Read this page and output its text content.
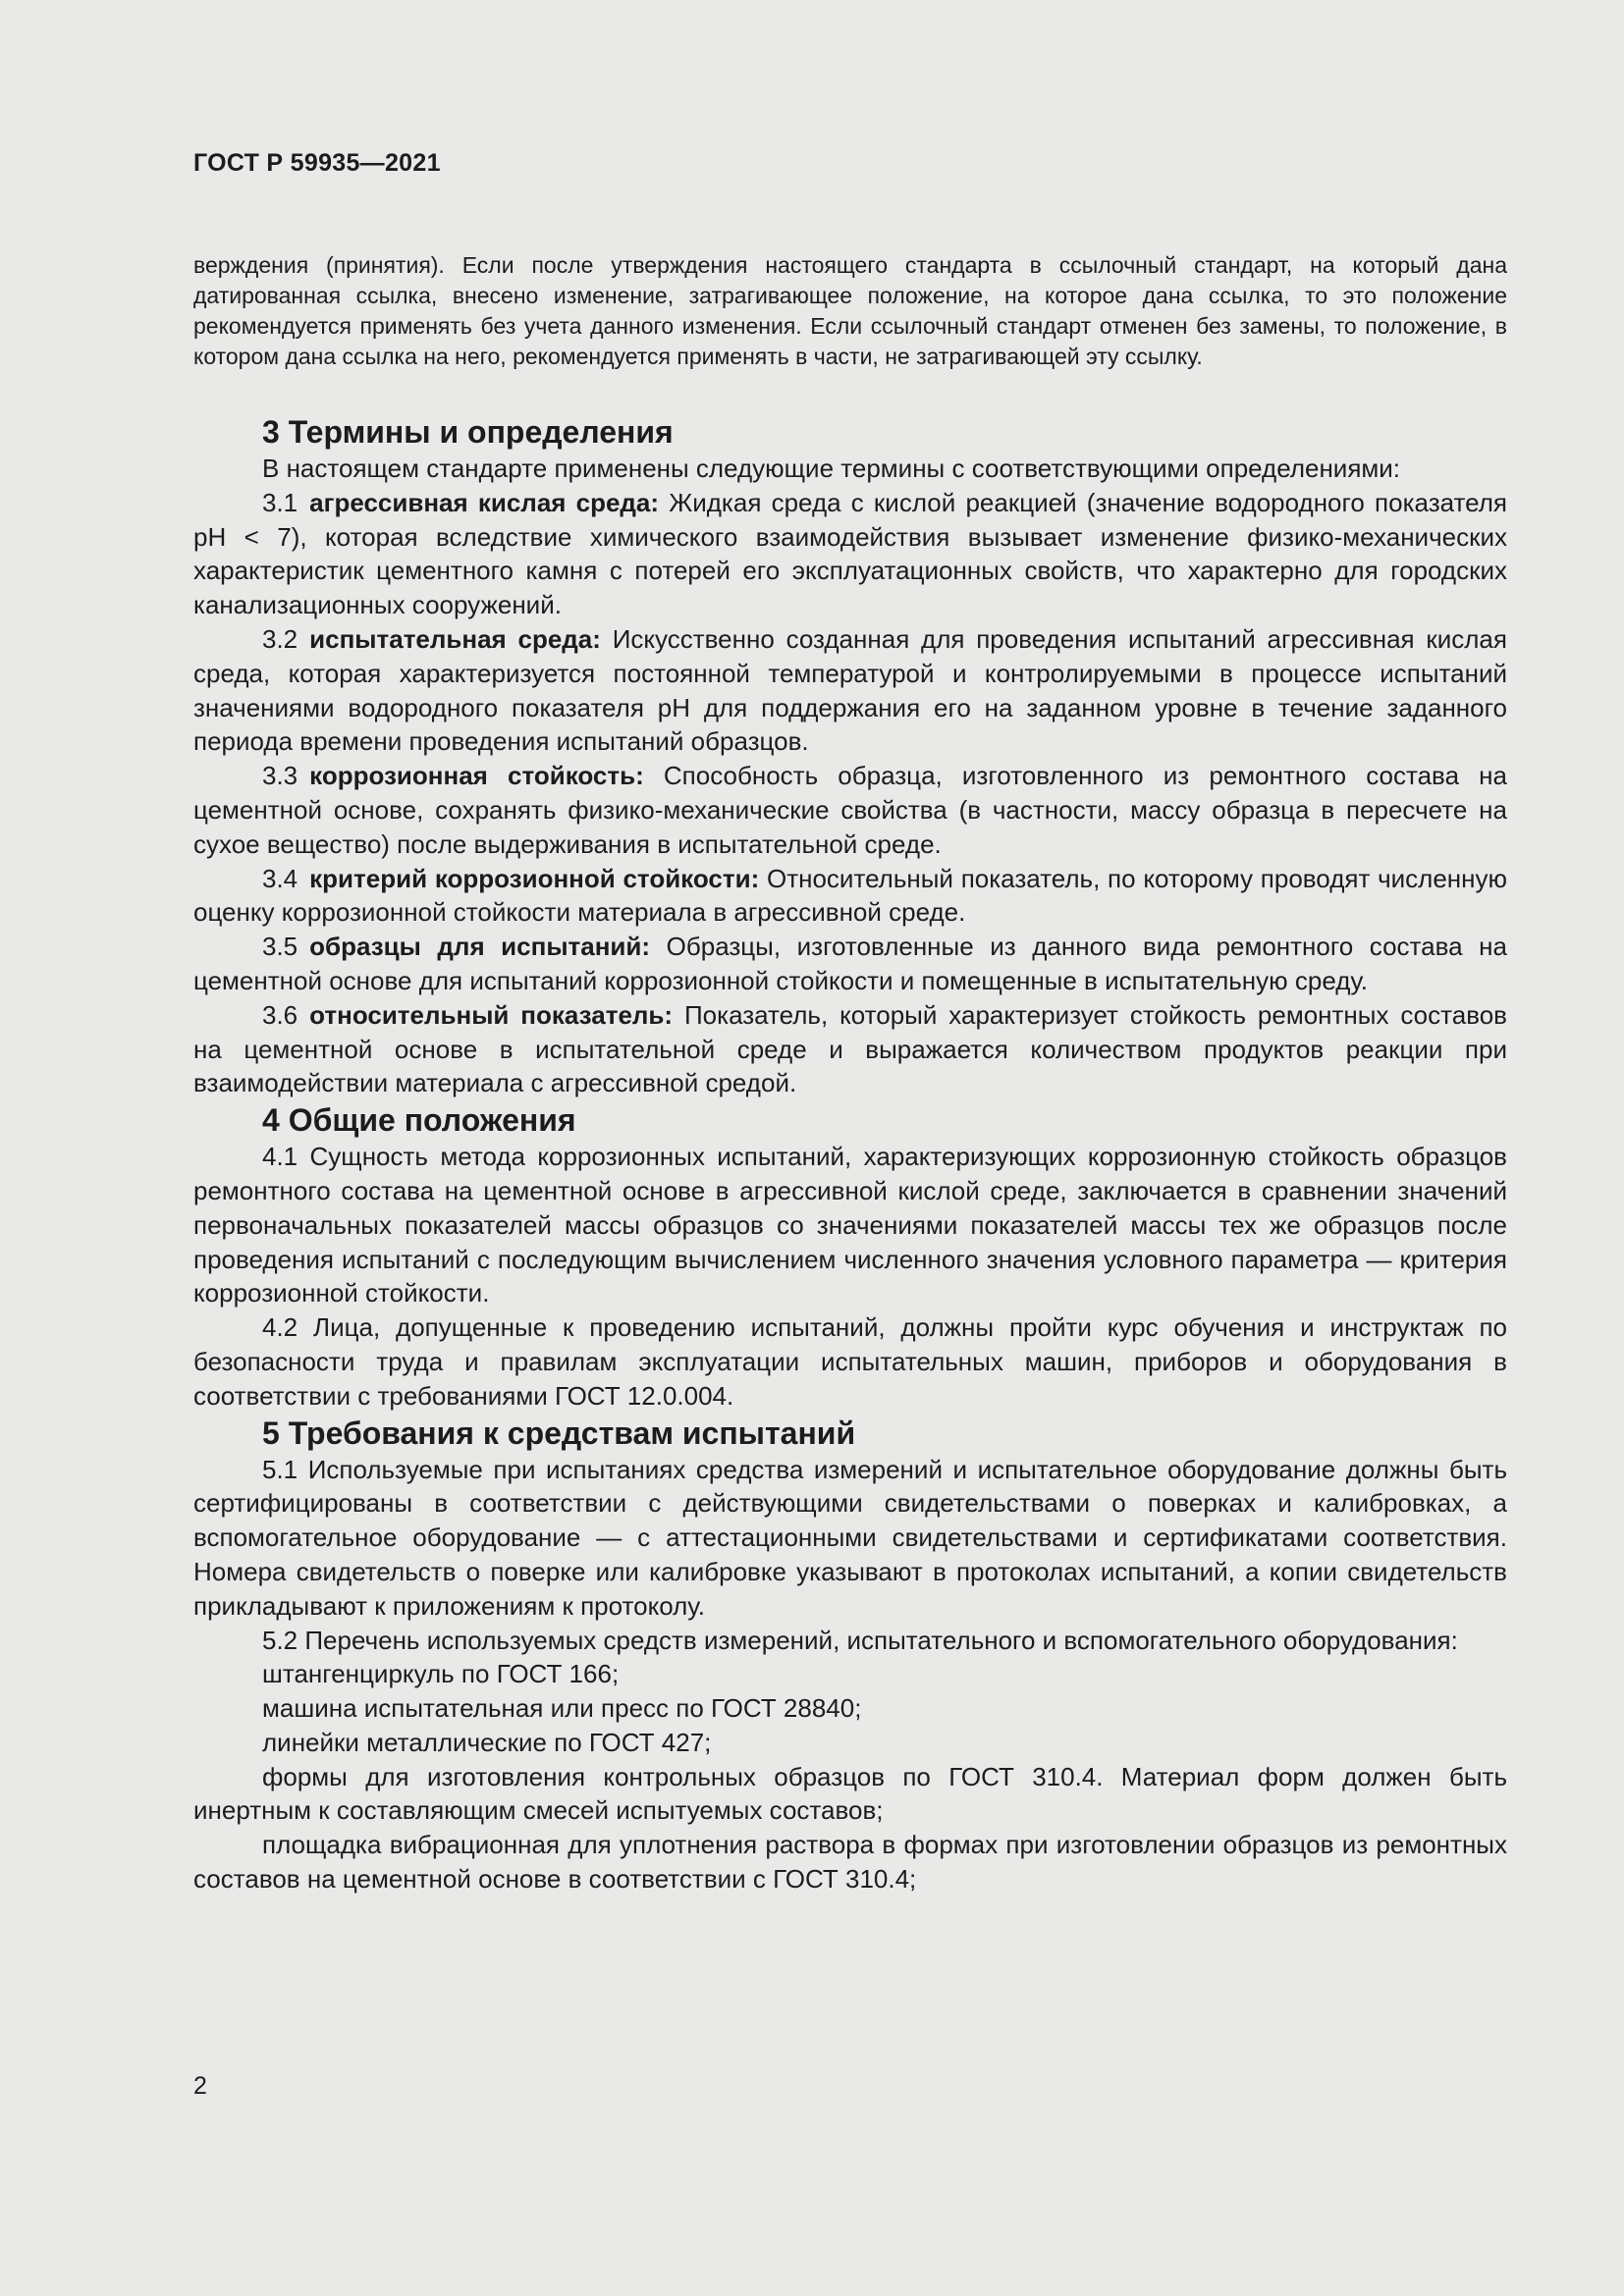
ГОСТ Р 59935—2021

верждения (принятия). Если после утверждения настоящего стандарта в ссылочный стандарт, на который дана датированная ссылка, внесено изменение, затрагивающее положение, на которое дана ссылка, то это положение рекомендуется применять без учета данного изменения. Если ссылочный стандарт отменен без замены, то положение, в котором дана ссылка на него, рекомендуется применять в части, не затрагивающей эту ссылку.

3 Термины и определения

В настоящем стандарте применены следующие термины с соответствующими определениями:

3.1 агрессивная кислая среда: Жидкая среда с кислой реакцией (значение водородного показателя pH < 7), которая вследствие химического взаимодействия вызывает изменение физико-механических характеристик цементного камня с потерей его эксплуатационных свойств, что характерно для городских канализационных сооружений.

3.2 испытательная среда: Искусственно созданная для проведения испытаний агрессивная кислая среда, которая характеризуется постоянной температурой и контролируемыми в процессе испытаний значениями водородного показателя pH для поддержания его на заданном уровне в течение заданного периода времени проведения испытаний образцов.

3.3 коррозионная стойкость: Способность образца, изготовленного из ремонтного состава на цементной основе, сохранять физико-механические свойства (в частности, массу образца в пересчете на сухое вещество) после выдерживания в испытательной среде.

3.4 критерий коррозионной стойкости: Относительный показатель, по которому проводят численную оценку коррозионной стойкости материала в агрессивной среде.

3.5 образцы для испытаний: Образцы, изготовленные из данного вида ремонтного состава на цементной основе для испытаний коррозионной стойкости и помещенные в испытательную среду.

3.6 относительный показатель: Показатель, который характеризует стойкость ремонтных составов на цементной основе в испытательной среде и выражается количеством продуктов реакции при взаимодействии материала с агрессивной средой.

4 Общие положения

4.1 Сущность метода коррозионных испытаний, характеризующих коррозионную стойкость образцов ремонтного состава на цементной основе в агрессивной кислой среде, заключается в сравнении значений первоначальных показателей массы образцов со значениями показателей массы тех же образцов после проведения испытаний с последующим вычислением численного значения условного параметра — критерия коррозионной стойкости.

4.2 Лица, допущенные к проведению испытаний, должны пройти курс обучения и инструктаж по безопасности труда и правилам эксплуатации испытательных машин, приборов и оборудования в соответствии с требованиями ГОСТ 12.0.004.

5 Требования к средствам испытаний

5.1 Используемые при испытаниях средства измерений и испытательное оборудование должны быть сертифицированы в соответствии с действующими свидетельствами о поверках и калибровках, а вспомогательное оборудование — с аттестационными свидетельствами и сертификатами соответствия. Номера свидетельств о поверке или калибровке указывают в протоколах испытаний, а копии свидетельств прикладывают к приложениям к протоколу.

5.2 Перечень используемых средств измерений, испытательного и вспомогательного оборудования:

штангенциркуль по ГОСТ 166;

машина испытательная или пресс по ГОСТ 28840;

линейки металлические по ГОСТ 427;

формы для изготовления контрольных образцов по ГОСТ 310.4. Материал форм должен быть инертным к составляющим смесей испытуемых составов;

площадка вибрационная для уплотнения раствора в формах при изготовлении образцов из ремонтных составов на цементной основе в соответствии с ГОСТ 310.4;

2
